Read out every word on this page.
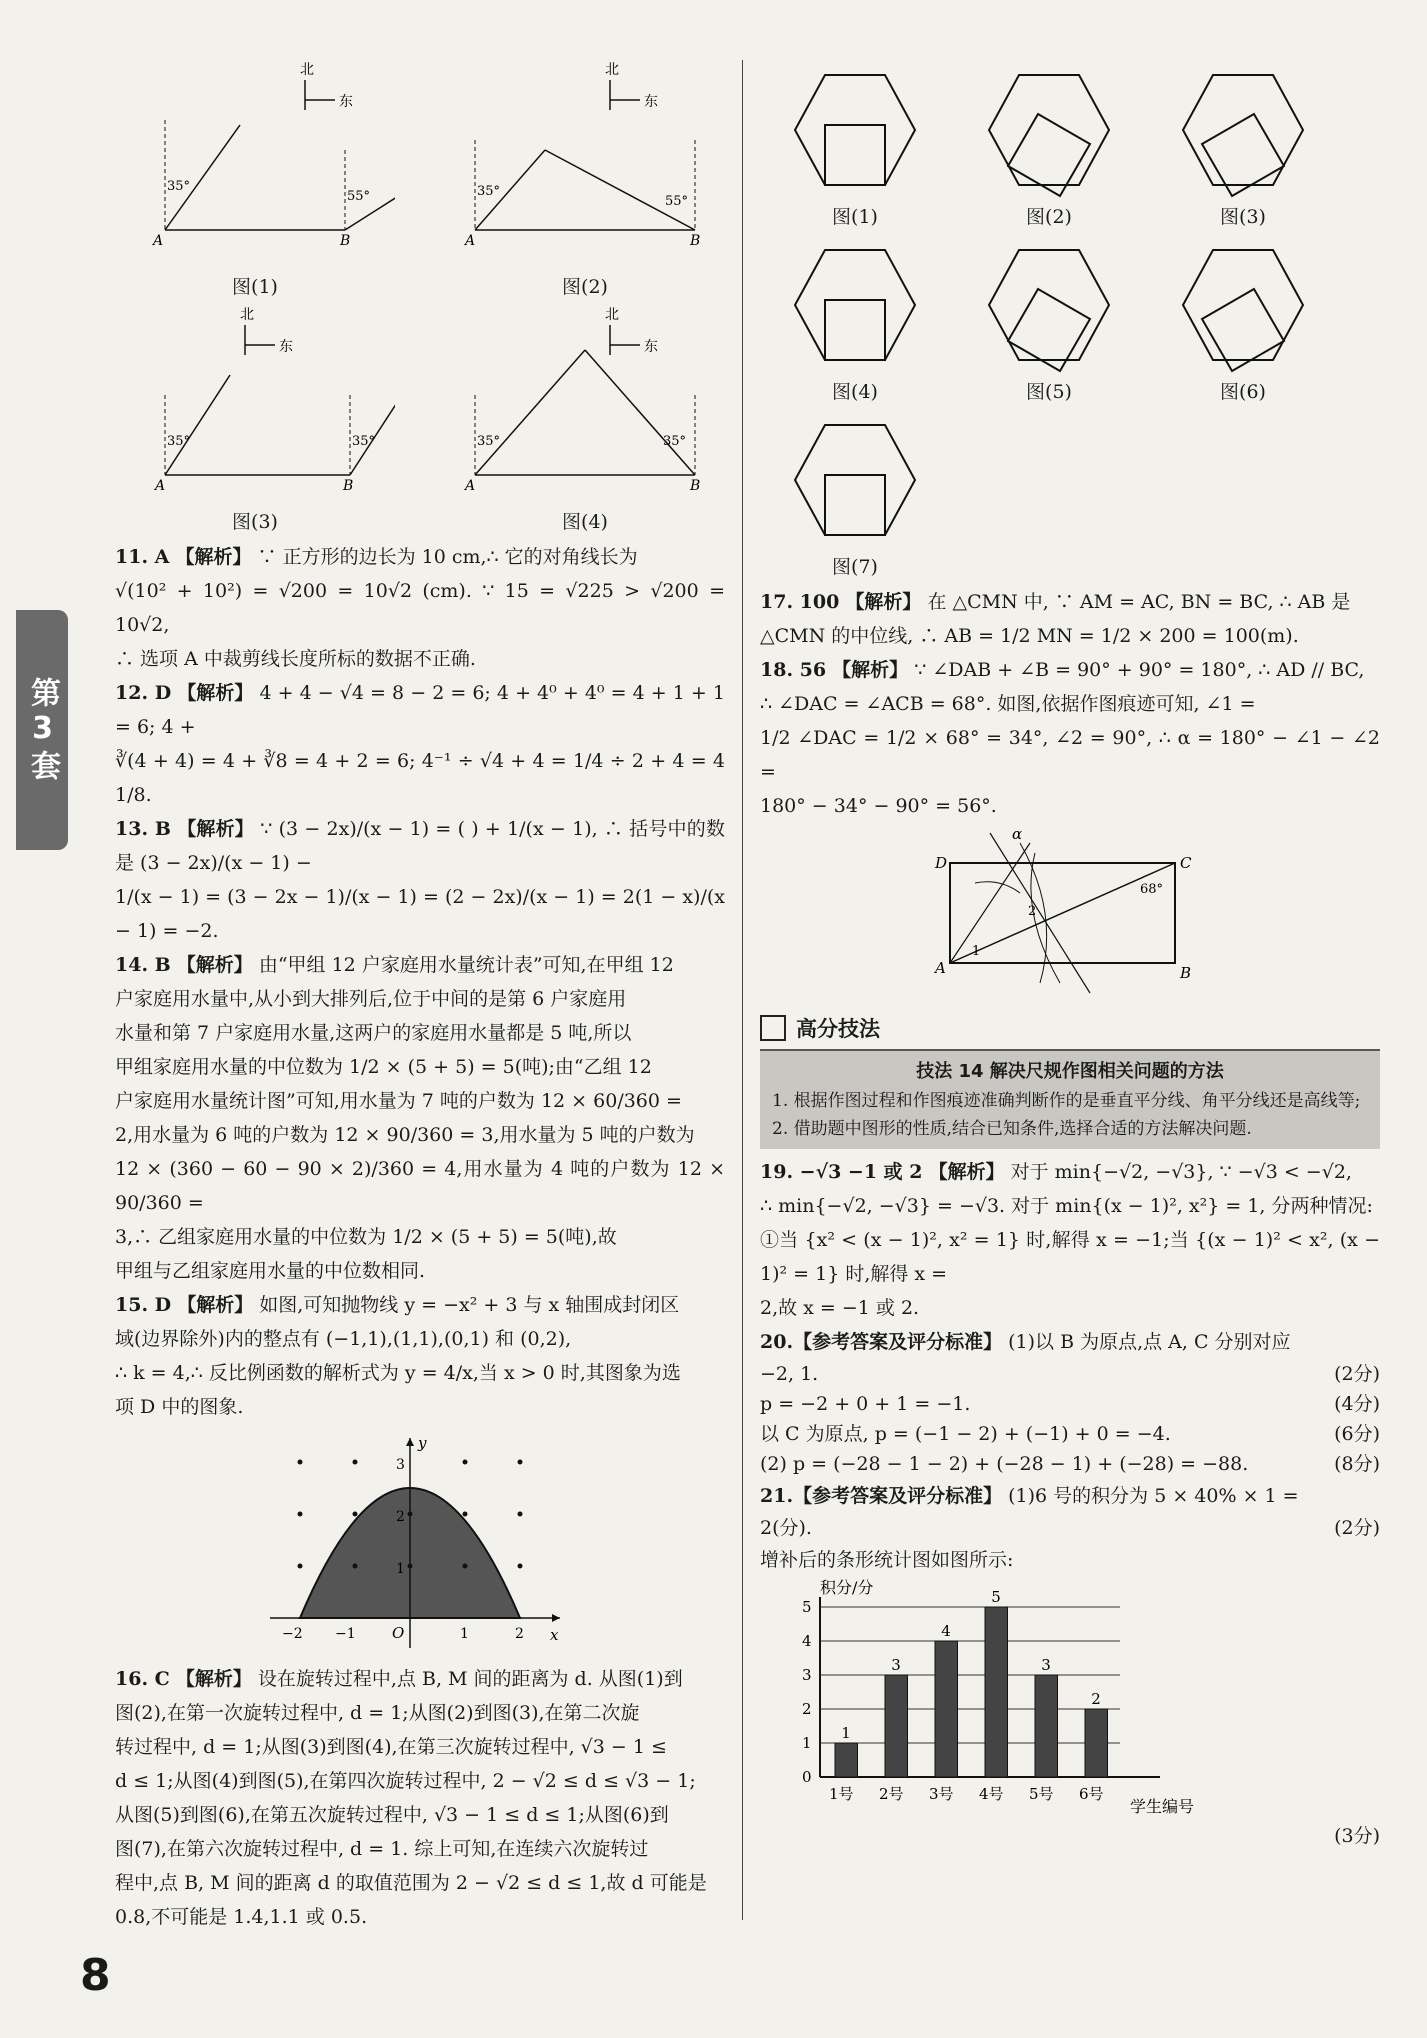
第3套
8
北
东
35°
55°
A	B
图(1)
北
东
35°
55°
A	B
图(2)
北
东
35°	35°
A	B
图(3)
北
东
35°	35°
A	B
图(4)

11. A 【解析】 ∵ 正方形的边长为 10 cm,∴ 它的对角线长为

√(10² + 10²) = √200 = 10√2 (cm). ∵ 15 = √225 > √200 = 10√2,

∴ 选项 A 中裁剪线长度所标的数据不正确.

12. D 【解析】 4 + 4 − √4 = 8 − 2 = 6; 4 + 4⁰ + 4⁰ = 4 + 1 + 1 = 6; 4 +

∛(4 + 4) = 4 + ∛8 = 4 + 2 = 6; 4⁻¹ ÷ √4 + 4 = 1/4 ÷ 2 + 4 = 4 1/8.

13. B 【解析】 ∵ (3 − 2x)/(x − 1) = ( ) + 1/(x − 1), ∴ 括号中的数是 (3 − 2x)/(x − 1) −

1/(x − 1) = (3 − 2x − 1)/(x − 1) = (2 − 2x)/(x − 1) = 2(1 − x)/(x − 1) = −2.

14. B 【解析】 由“甲组 12 户家庭用水量统计表”可知,在甲组 12

户家庭用水量中,从小到大排列后,位于中间的是第 6 户家庭用

水量和第 7 户家庭用水量,这两户的家庭用水量都是 5 吨,所以

甲组家庭用水量的中位数为 1/2 × (5 + 5) = 5(吨);由“乙组 12

户家庭用水量统计图”可知,用水量为 7 吨的户数为 12 × 60/360 =

2,用水量为 6 吨的户数为 12 × 90/360 = 3,用水量为 5 吨的户数为

12 × (360 − 60 − 90 × 2)/360 = 4,用水量为 4 吨的户数为 12 × 90/360 =

3,∴ 乙组家庭用水量的中位数为 1/2 × (5 + 5) = 5(吨),故

甲组与乙组家庭用水量的中位数相同.

15. D 【解析】 如图,可知抛物线 y = −x² + 3 与 x 轴围成封闭区

域(边界除外)内的整点有 (−1,1),(1,1),(0,1) 和 (0,2),

∴ k = 4,∴ 反比例函数的解析式为 y = 4/x,当 x > 0 时,其图象为选

项 D 中的图象.

y
x
O
−2 −1	1	2
1
2
3

16. C 【解析】 设在旋转过程中,点 B, M 间的距离为 d. 从图(1)到

图(2),在第一次旋转过程中, d = 1;从图(2)到图(3),在第二次旋

转过程中, d = 1;从图(3)到图(4),在第三次旋转过程中, √3 − 1 ≤

d ≤ 1;从图(4)到图(5),在第四次旋转过程中, 2 − √2 ≤ d ≤ √3 − 1;

从图(5)到图(6),在第五次旋转过程中, √3 − 1 ≤ d ≤ 1;从图(6)到

图(7),在第六次旋转过程中, d = 1. 综上可知,在连续六次旋转过

程中,点 B, M 间的距离 d 的取值范围为 2 − √2 ≤ d ≤ 1,故 d 可能是

0.8,不可能是 1.4,1.1 或 0.5.

图(1)	图(2)	图(3)
图(4)	图(5)	图(6)
图(7)

17. 100 【解析】 在 △CMN 中, ∵ AM = AC, BN = BC, ∴ AB 是

△CMN 的中位线, ∴ AB = 1/2 MN = 1/2 × 200 = 100(m).

18. 56 【解析】 ∵ ∠DAB + ∠B = 90° + 90° = 180°, ∴ AD // BC,

∴ ∠DAC = ∠ACB = 68°. 如图,依据作图痕迹可知, ∠1 =

1/2 ∠DAC = 1/2 × 68° = 34°, ∠2 = 90°, ∴ α = 180° − ∠1 − ∠2 =

180° − 34° − 90° = 56°.

D	C
A	B
α
1
2
68°
高分技法
技法 14 解决尺规作图相关问题的方法

1. 根据作图过程和作图痕迹准确判断作的是垂直平分线、角平分线还是高线等;

2. 借助题中图形的性质,结合已知条件,选择合适的方法解决问题.

19. −√3 −1 或 2 【解析】 对于 min{−√2, −√3}, ∵ −√3 < −√2,

∴ min{−√2, −√3} = −√3. 对于 min{(x − 1)², x²} = 1, 分两种情况:

①当 {x² < (x − 1)², x² = 1} 时,解得 x = −1;当 {(x − 1)² < x², (x − 1)² = 1} 时,解得 x =

2,故 x = −1 或 2.

20.【参考答案及评分标准】 (1)以 B 为原点,点 A, C 分别对应

−2, 1.	(2分)
p = −2 + 0 + 1 = −1.	(4分)
以 C 为原点, p = (−1 − 2) + (−1) + 0 = −4.	(6分)
(2) p = (−28 − 1 − 2) + (−28 − 1) + (−28) = −88.	(8分)

21.【参考答案及评分标准】 (1)6 号的积分为 5 × 40% × 1 =

2(分).	(2分)

增补后的条形统计图如图所示:

积分/分
学生编号
0
1
2
3
4
5
1
1号
3
2号
4
3号
5
4号
3
5号
2
6号
(3分)
